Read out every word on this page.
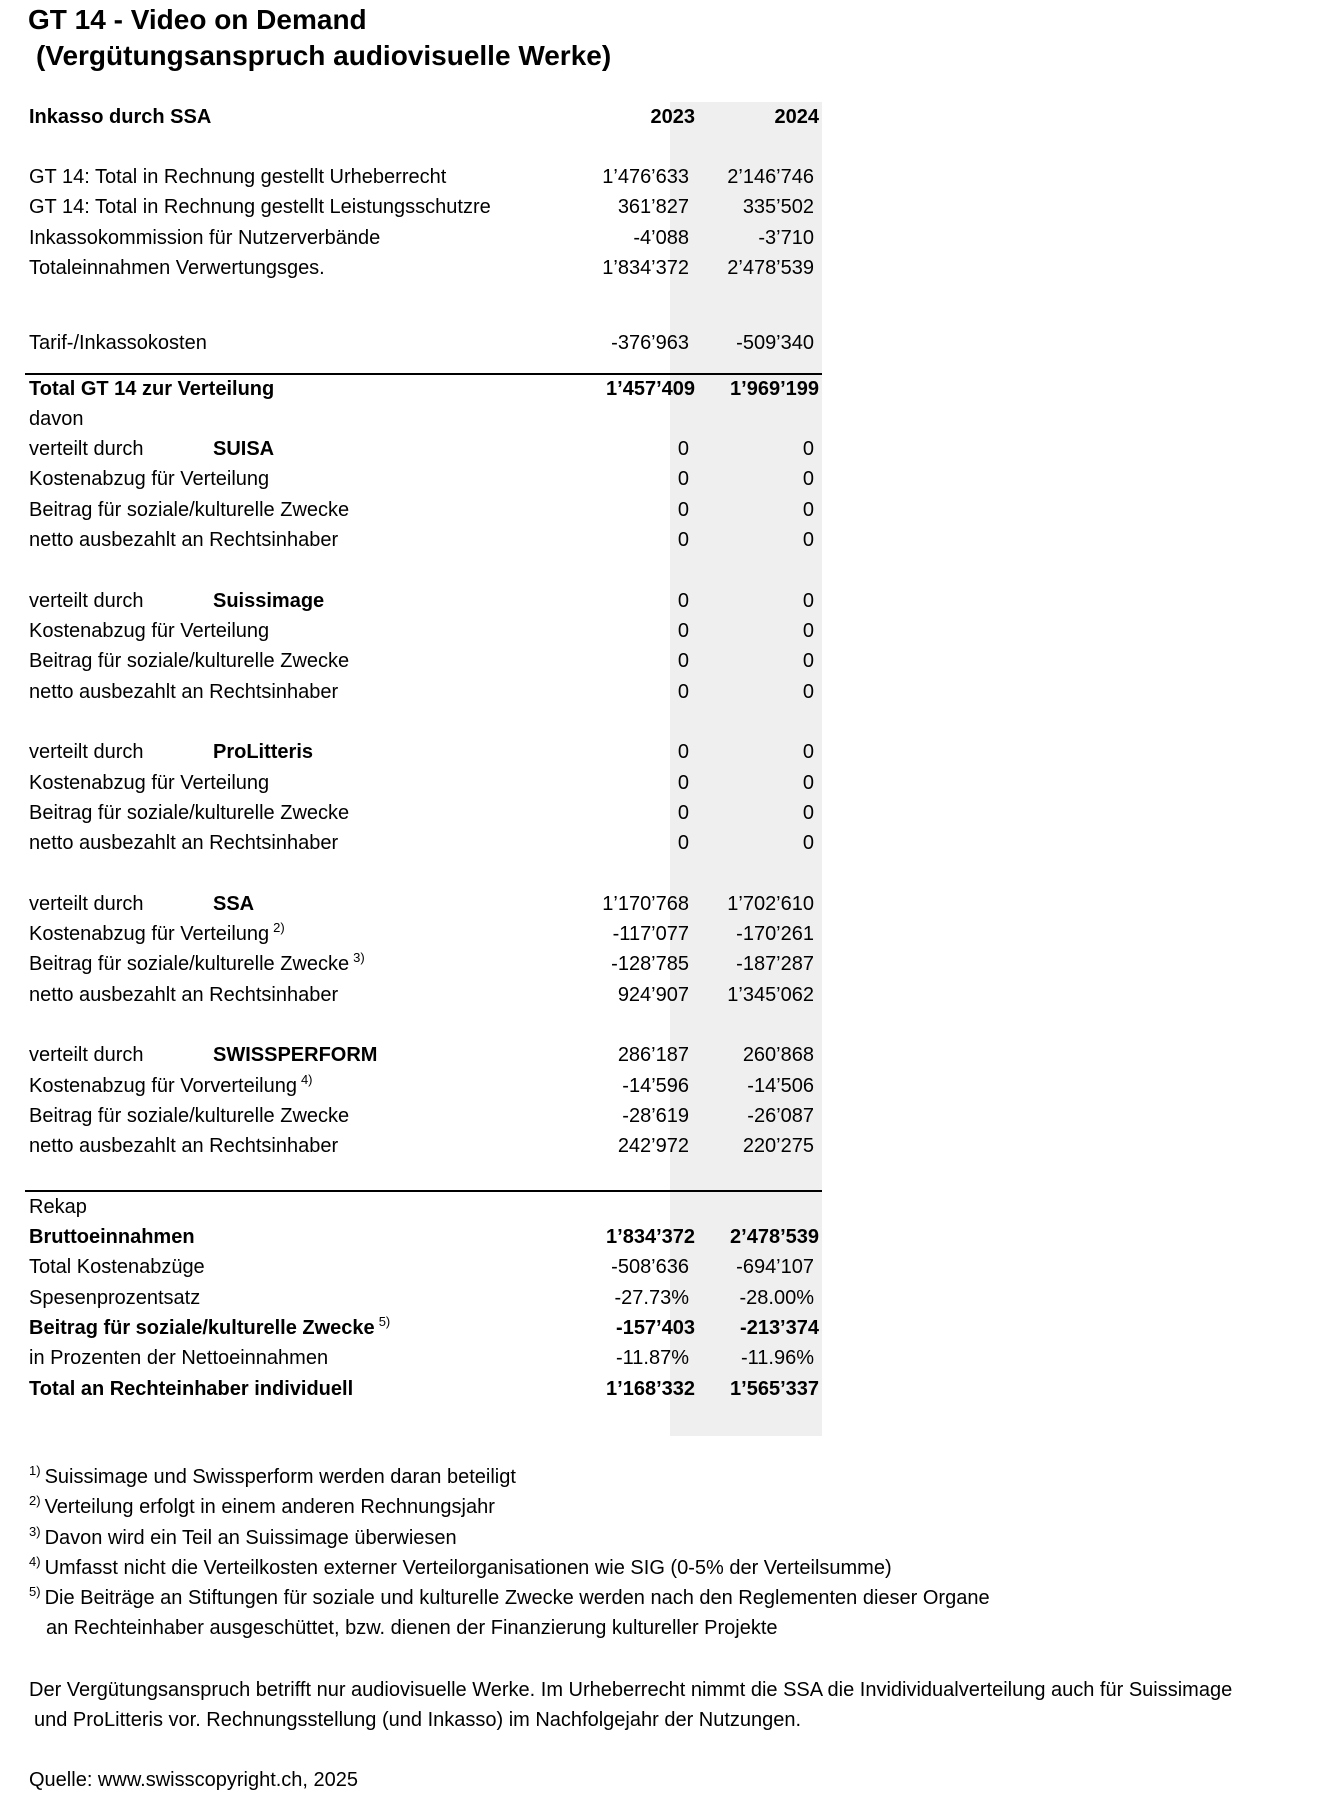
GT 14 - Video on Demand
(Vergütungsanspruch audiovisuelle Werke)
Inkasso durch SSA	2023	2024
GT 14: Total in Rechnung gestellt Urheberrecht	1’476’633 2’146’746
GT 14: Total in Rechnung gestellt Leistungsschutzre	361’827	335’502
Inkassokommission für Nutzerverbände	-4’088	-3’710
Totaleinnahmen Verwertungsges.	1’834’372 2’478’539
Tarif-/Inkassokosten	-376’963 -509’340
Total GT 14 zur Verteilung	1’457’409 1’969’199
davon
verteilt durch	SUISA	0	0
Kostenabzug für Verteilung	0	0
Beitrag für soziale/kulturelle Zwecke	0	0
netto ausbezahlt an Rechtsinhaber	0	0
verteilt durch	Suissimage	0	0
Kostenabzug für Verteilung	0	0
Beitrag für soziale/kulturelle Zwecke	0	0
netto ausbezahlt an Rechtsinhaber	0	0
verteilt durch	ProLitteris	0	0
Kostenabzug für Verteilung	0	0
Beitrag für soziale/kulturelle Zwecke	0	0
netto ausbezahlt an Rechtsinhaber	0	0
verteilt durch	SSA	1’170’768 1’702’610
Kostenabzug für Verteilung $^{2)}$	-117’077 -170’261
Beitrag für soziale/kulturelle Zwecke $^{3)}$	-128’785 -187’287
netto ausbezahlt an Rechtsinhaber	924’907 1’345’062
verteilt durch	SWISSPERFORM	286’187	260’868
Kostenabzug für Vorverteilung $^{4)}$	-14’596	-14’506
Beitrag für soziale/kulturelle Zwecke	-28’619	-26’087
netto ausbezahlt an Rechtsinhaber	242’972	220’275
Rekap
Bruttoeinnahmen	1’834’372 2’478’539
Total Kostenabzüge	-508’636 -694’107
Spesenprozentsatz	-27.73%	-28.00%
Beitrag für soziale/kulturelle Zwecke $^{5)}$	-157’403 -213’374
in Prozenten der Nettoeinnahmen	-11.87%	-11.96%
Total an Rechteinhaber individuell	1’168’332 1’565’337
$^{1)}$ Suissimage und Swissperform werden daran beteiligt
$^{2)}$ Verteilung erfolgt in einem anderen Rechnungsjahr
$^{3)}$ Davon wird ein Teil an Suissimage überwiesen
$^{4)}$ Umfasst nicht die Verteilkosten externer Verteilorganisationen wie SIG (0-5% der Verteilsumme)
$^{5)}$ Die Beiträge an Stiftungen für soziale und kulturelle Zwecke werden nach den Reglementen dieser Organe
an Rechteinhaber ausgeschüttet, bzw. dienen der Finanzierung kultureller Projekte
Der Vergütungsanspruch betrifft nur audiovisuelle Werke. Im Urheberrecht nimmt die SSA die Invidividualverteilung auch für Suissimage
und ProLitteris vor. Rechnungsstellung (und Inkasso) im Nachfolgejahr der Nutzungen.
Quelle: www.swisscopyright.ch, 2025
